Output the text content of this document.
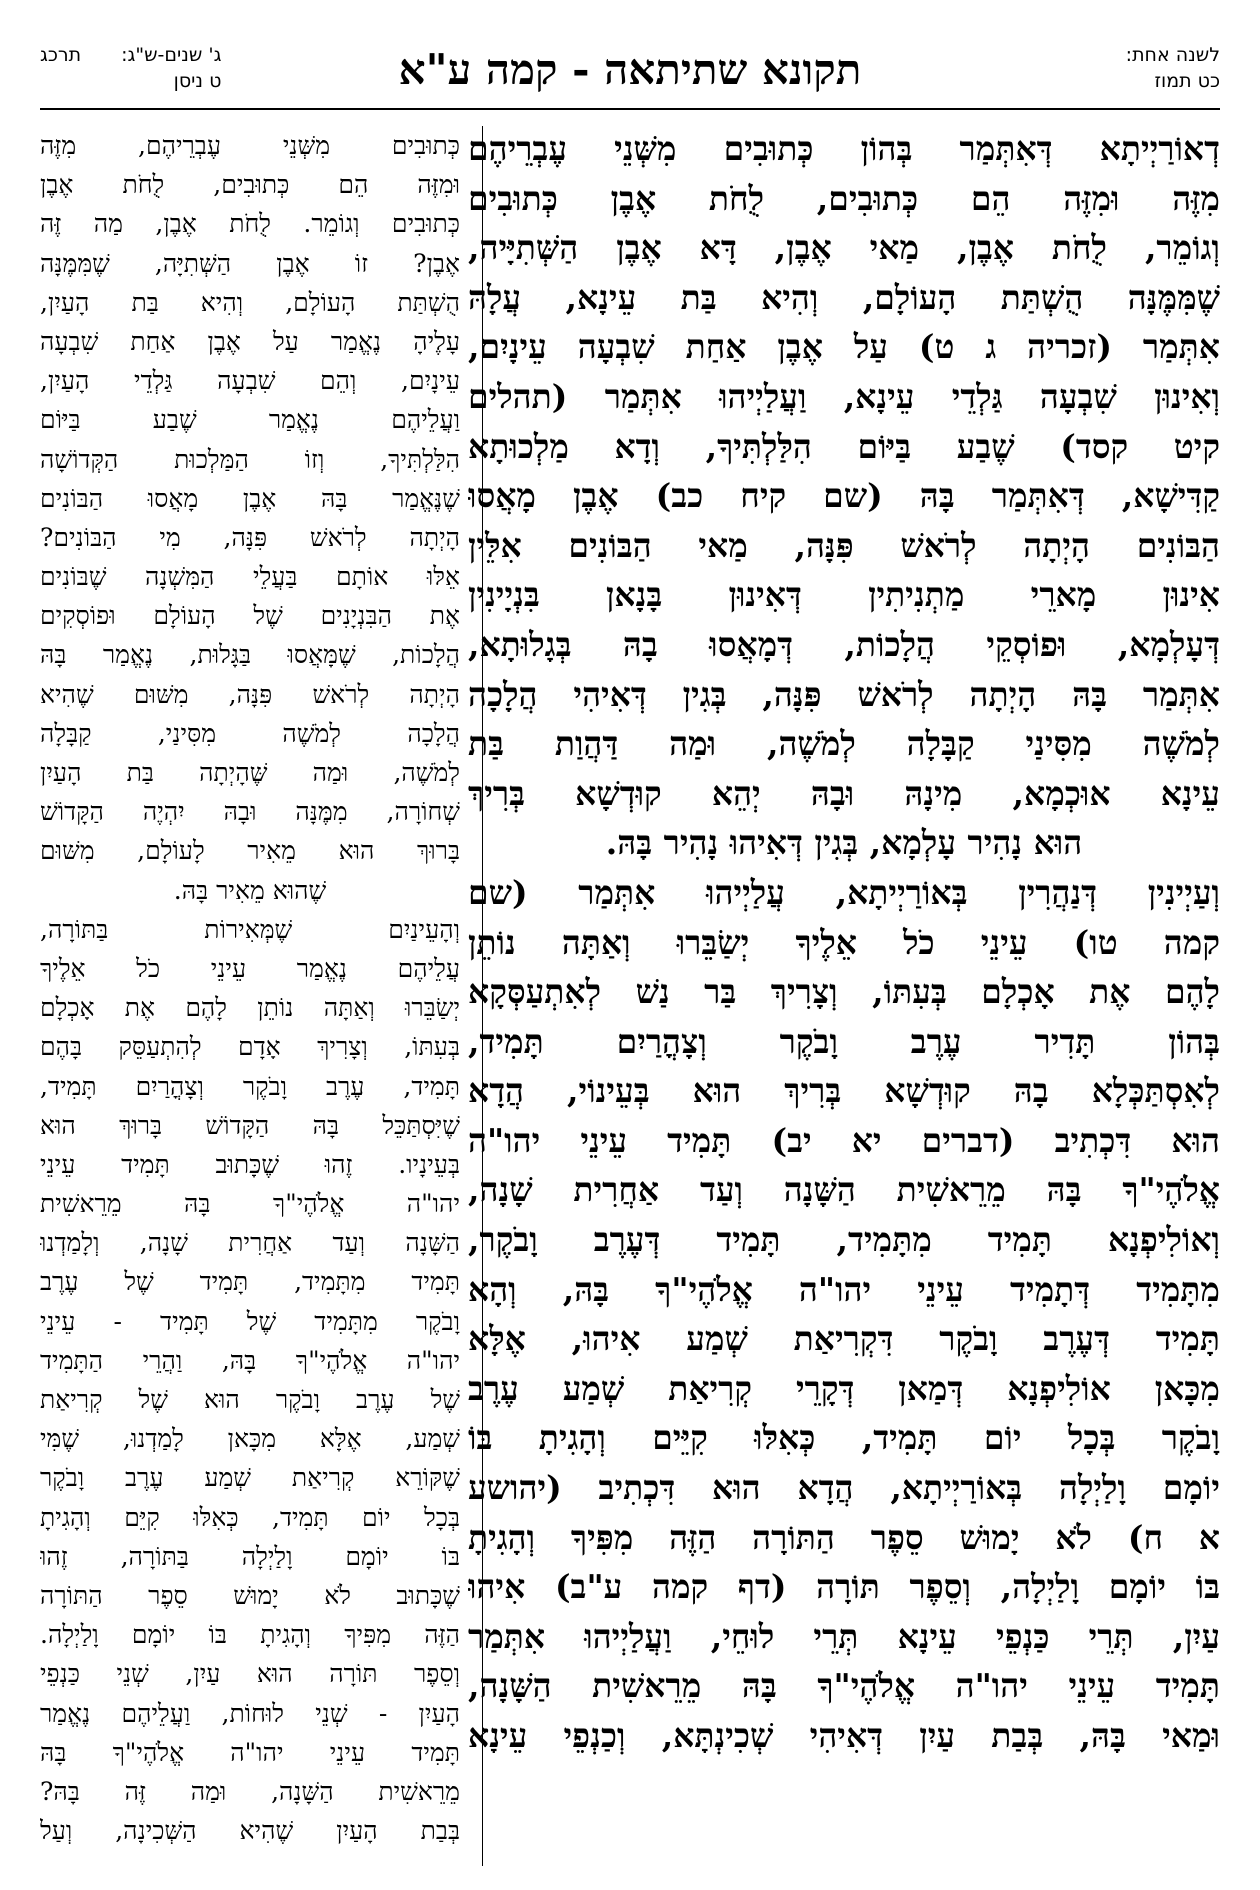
לשנה אחת:
כט תמוז
תקונא שתיתאה - קמה ע"א
ג' שנים-ש"ג:
ט ניסן
תרכג
דְאוֹרַיְיתָא דְּאִתְּמַר בְּהוֹן כְּתוּבִים מִשְּׁנֵי עֶבְרֵיהֶם
מִזֶּה וּמִזֶּה הֵם כְּתוּבִים, לֻחֹת אֶבֶן כְּתוּבִים
וְגוֹמֵר, לֻחֹת אֶבֶן, מַאי אֶבֶן, דָּא אֶבֶן הַשְּׁתִיָּיה,
שֶׁמִּמֶּנָּה הֻשְׁתַּת הָעוֹלָם, וְהִיא בַּת עֵינָא, עֲלָהּ
אִתְּמַר (זכריה ג ט) עַל אֶבֶן אַחַת שִׁבְעָה עֵינָיִם,
וְאִינוּן שִׁבְעָה גַּלְדֵי עֵינָא, וַעֲלַיְיהוּ אִתְּמַר (תהלים
קיט קסד) שֶׁבַע בַּיּוֹם הִלַּלְתִּיךָ, וְדָא מַלְכוּתָא
קַדִּישָׁא, דְּאִתְּמַר בָּהּ (שם קיח כב) אֶבֶן מָאֲסוּ
הַבּוֹנִים הָיְתָה לְרֹאשׁ פִּנָּה, מַאי הַבּוֹנִים אִלֵּין
אִינוּן מָארֵי מַתְנִיתִין דְּאִינוּן בָּנָאן בִּנְיָינִין
דְּעָלְמָא, וּפוֹסְקֵי הֲלָכוֹת, דְּמָאֲסוּ בָהּ בְּגָלוּתָא,
אִתְּמַר בָּהּ הָיְתָה לְרֹאשׁ פִּנָּה, בְּגִין דְּאִיהִי הֲלָכָה
לְמֹשֶׁה מִסִּינַי קַבָּלָה לְמֹשֶׁה, וּמַה דַּהֲוַת בַּת
עֵינָא אוּכְמָא, מִינָהּ וּבָהּ יְהֵא קוּדְשָׁא בְּרִיךְ
הוּא נָהִיר עָלְמָא, בְּגִין דְּאִיהוּ נָהִיר בָּהּ.
וְעַיְינִין דְּנַהֲרִין בְּאוֹרַיְיתָא, עֲלַיְיהוּ אִתְּמַר (שם
קמה טו) עֵינֵי כֹל אֵלֶיךָ יְשַׂבֵּרוּ וְאַתָּה נוֹתֵן
לָהֶם אֶת אָכְלָם בְּעִתּוֹ, וְצָרִיךְ בַּר נַשׁ לְאִתְעַסְּקָא
בְּהוֹן תָּדִיר עֶרֶב וָבֹקֶר וְצָהֳרַיִם תָּמִיד,
לְאִסְתַּכְּלָא בָהּ קוּדְשָׁא בְּרִיךְ הוּא בְּעֵינוֹי, הֲדָא
הוּא דִּכְתִיב (דברים יא יב) תָּמִיד עֵינֵי יהו"ה
אֱלֹהֶי"ךָ בָּהּ מֵרֵאשִׁית הַשָּׁנָה וְעַד אַחֲרִית שָׁנָה,
וְאוֹלִיפְנָא תָּמִיד מִתָּמִיד, תָּמִיד דְּעֶרֶב וָבֹקֶר,
מִתָּמִיד דְּתָמִיד עֵינֵי יהו"ה אֱלֹהֶי"ךָ בָּהּ, וְהָא
תָּמִיד דְּעֶרֶב וָבֹקֶר דִּקְרִיאַת שְׁמַע אִיהוּ, אֶלָּא
מִכָּאן אוֹלִיפְנָא דְּמַאן דְּקָרֵי קְרִיאַת שְׁמַע עֶרֶב
וָבֹקֶר בְּכָל יוֹם תָּמִיד, כְּאִלּוּ קִיֵּים וְהָגִיתָ בּוֹ
יוֹמָם וָלַיְלָה בְּאוֹרַיְיתָא, הֲדָא הוּא דִּכְתִיב (יהושע
א ח) לֹא יָמוּשׁ סֵפֶר הַתּוֹרָה הַזֶּה מִפִּיךָ וְהָגִיתָ
בּוֹ יוֹמָם וָלַיְלָה, וְסֵפֶר תּוֹרָה (דף קמה ע"ב) אִיהוּ
עַיִן, תְּרֵי כַּנְפֵי עֵינָא תְּרֵי לוּחֵי, וַעֲלַיְיהוּ אִתְּמַר
תָּמִיד עֵינֵי יהו"ה אֱלֹהֶי"ךָ בָּהּ מֵרֵאשִׁית הַשָּׁנָה,
וּמַאי בָּהּ, בְּבַת עַיִן דְּאִיהִי שְׁכִינְתָּא, וְכַנְפֵי עֵינָא
כְּתוּבִים מִשְּׁנֵי עֶבְרֵיהֶם, מִזֶּה
וּמִזֶּה הֵם כְּתוּבִים, לֻחֹת אֶבֶן
כְּתוּבִים וְגוֹמֵר. לֻחֹת אֶבֶן, מַה זֶּה
אֶבֶן? זוֹ אֶבֶן הַשְּׁתִיָּה, שֶׁמִּמֶּנָּה
הֻשְׁתַּת הָעוֹלָם, וְהִיא בַּת הָעַיִן,
עָלֶיהָ נֶאֱמַר עַל אֶבֶן אַחַת שִׁבְעָה
עֵינָיִם, וְהֵם שִׁבְעָה גַּלְדֵי הָעַיִן,
וַעֲלֵיהֶם נֶאֱמַר שֶׁבַע בַּיּוֹם
הִלַּלְתִּיךָ, וְזוֹ הַמַּלְכוּת הַקְּדוֹשָׁה
שֶׁנֶּאֱמַר בָּהּ אֶבֶן מָאֲסוּ הַבּוֹנִים
הָיְתָה לְרֹאשׁ פִּנָּה, מִי הַבּוֹנִים?
אֵלּוּ אוֹתָם בַּעֲלֵי הַמִּשְׁנָה שֶׁבּוֹנִים
אֶת הַבִּנְיָנִים שֶׁל הָעוֹלָם וּפוֹסְקִים
הֲלָכוֹת, שֶׁמָּאֲסוּ בַּגָּלוּת, נֶאֱמַר בָּהּ
הָיְתָה לְרֹאשׁ פִּנָּה, מִשּׁוּם שֶׁהִיא
הֲלָכָה לְמֹשֶׁה מִסִּינַי, קַבָּלָה
לְמֹשֶׁה, וּמַה שֶּׁהָיְתָה בַּת הָעַיִן
שְׁחוֹרָה, מִמֶּנָּה וּבָהּ יִהְיֶה הַקָּדוֹשׁ
בָּרוּךְ הוּא מֵאִיר לָעוֹלָם, מִשּׁוּם
שֶׁהוּא מֵאִיר בָּהּ.
וְהָעֵינַיִם שֶׁמְּאִירוֹת בַּתּוֹרָה,
עֲלֵיהֶם נֶאֱמַר עֵינֵי כֹל אֵלֶיךָ
יְשַׂבֵּרוּ וְאַתָּה נוֹתֵן לָהֶם אֶת אָכְלָם
בְּעִתּוֹ, וְצָרִיךְ אָדָם לְהִתְעַסֵּק בָּהֶם
תָּמִיד, עֶרֶב וָבֹקֶר וְצָהֳרַיִם תָּמִיד,
שֶׁיִּסְתַּכֵּל בָּהּ הַקָּדוֹשׁ בָּרוּךְ הוּא
בְּעֵינָיו. זֶהוּ שֶׁכָּתוּב תָּמִיד עֵינֵי
יהו"ה אֱלֹהֶי"ךָ בָּהּ מֵרֵאשִׁית
הַשָּׁנָה וְעַד אַחֲרִית שָׁנָה, וְלָמַדְנוּ
תָּמִיד מִתָּמִיד, תָּמִיד שֶׁל עֶרֶב
וָבֹקֶר מִתָּמִיד שֶׁל תָּמִיד - עֵינֵי
יהו"ה אֱלֹהֶי"ךָ בָּהּ, וַהֲרֵי הַתָּמִיד
שֶׁל עֶרֶב וָבֹקֶר הוּא שֶׁל קְרִיאַת
שְׁמַע, אֶלָּא מִכָּאן לָמַדְנוּ, שֶׁמִּי
שֶׁקּוֹרֵא קְרִיאַת שְׁמַע עֶרֶב וָבֹקֶר
בְּכָל יוֹם תָּמִיד, כְּאִלּוּ קִיֵּם וְהָגִיתָ
בּוֹ יוֹמָם וָלַיְלָה בַּתּוֹרָה, זֶהוּ
שֶׁכָּתוּב לֹא יָמוּשׁ סֵפֶר הַתּוֹרָה
הַזֶּה מִפִּיךָ וְהָגִיתָ בּוֹ יוֹמָם וָלַיְלָה.
וְסֵפֶר תּוֹרָה הוּא עַיִן, שְׁנֵי כַּנְפֵי
הָעַיִן - שְׁנֵי לוּחוֹת, וַעֲלֵיהֶם נֶאֱמַר
תָּמִיד עֵינֵי יהו"ה אֱלֹהֶי"ךָ בָּהּ
מֵרֵאשִׁית הַשָּׁנָה, וּמַה זֶּה בָּהּ?
בְּבַת הָעַיִן שֶׁהִיא הַשְּׁכִינָה, וְעַל
